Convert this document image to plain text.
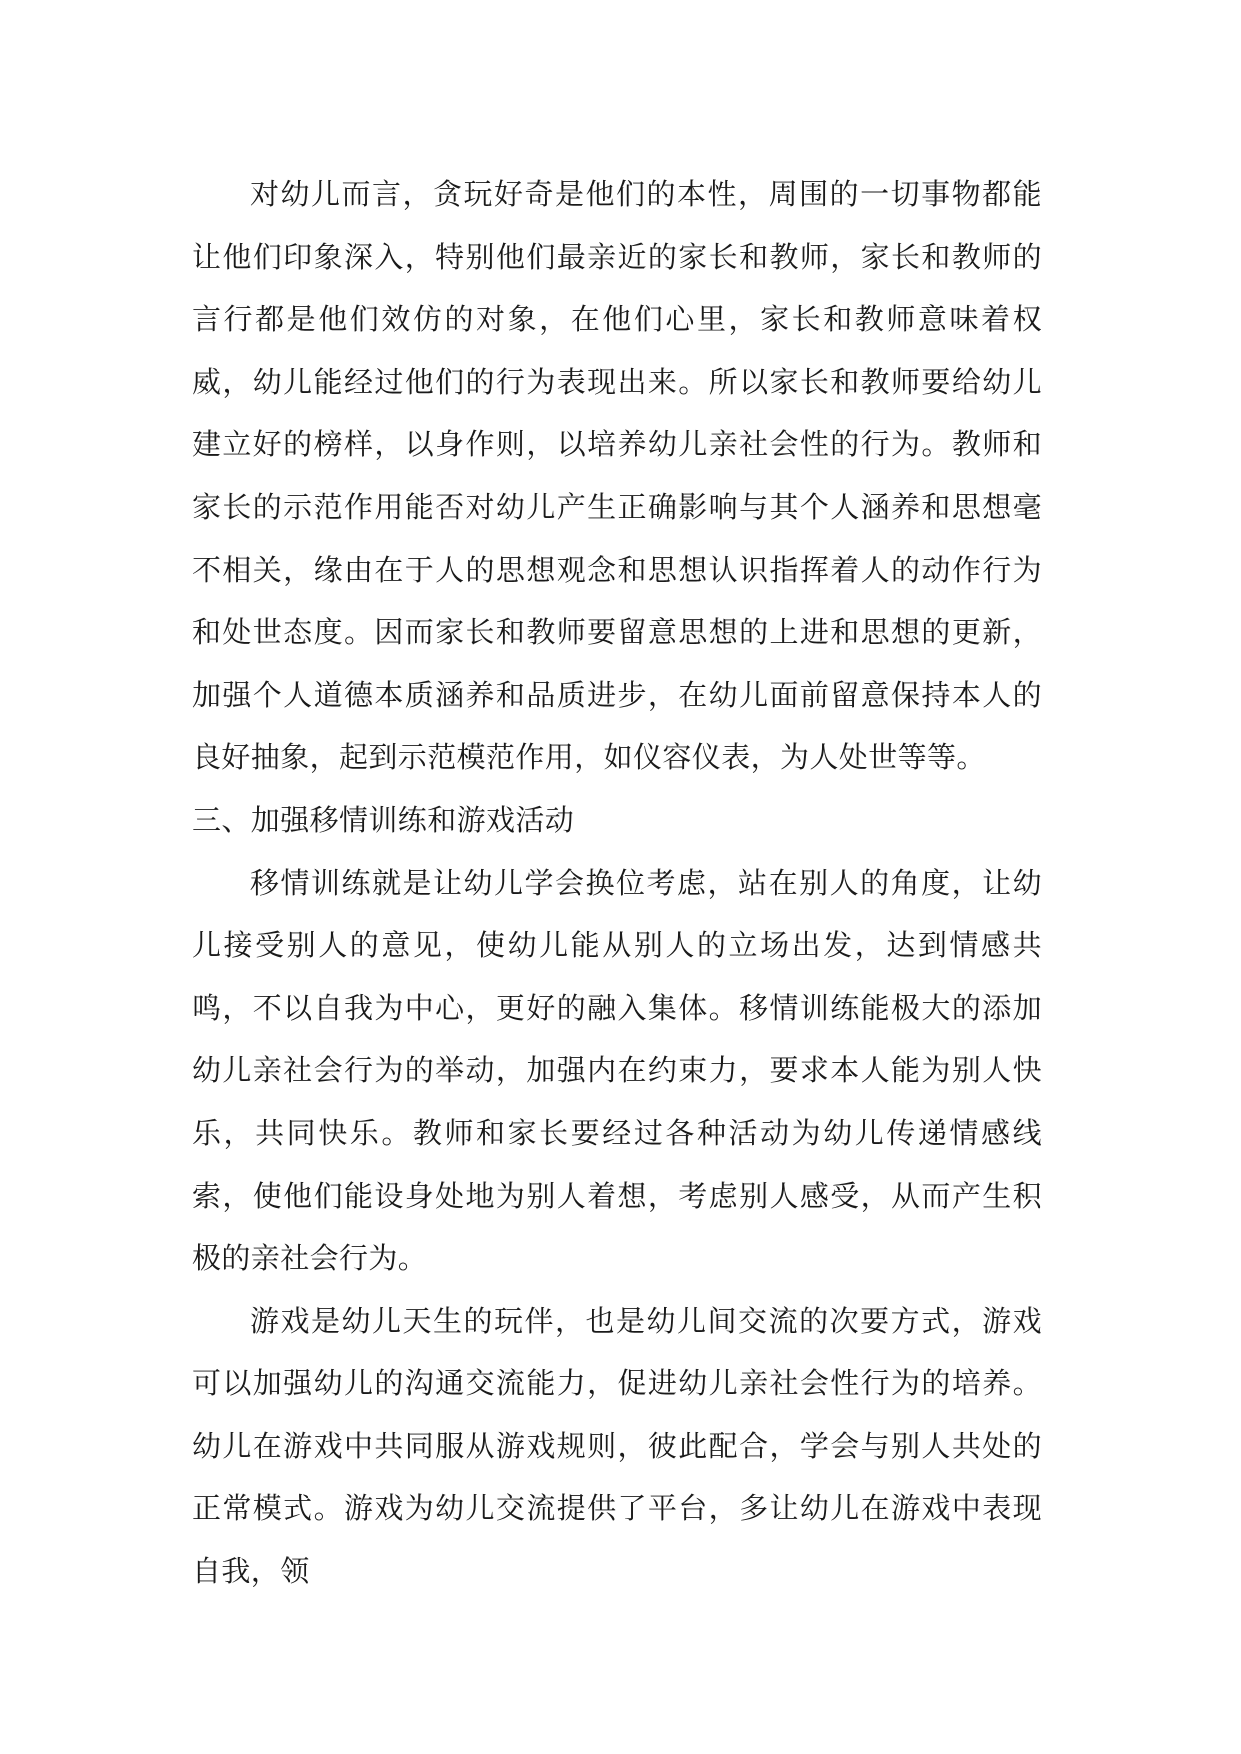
对幼儿而言，贪玩好奇是他们的本性，周围的一切事物都能让他们印象深入，特别他们最亲近的家长和教师，家长和教师的言行都是他们效仿的对象，在他们心里，家长和教师意味着权威，幼儿能经过他们的行为表现出来。所以家长和教师要给幼儿建立好的榜样，以身作则，以培养幼儿亲社会性的行为。教师和家长的示范作用能否对幼儿产生正确影响与其个人涵养和思想毫不相关，缘由在于人的思想观念和思想认识指挥着人的动作行为和处世态度。因而家长和教师要留意思想的上进和思想的更新，加强个人道德本质涵养和品质进步，在幼儿面前留意保持本人的良好抽象，起到示范模范作用，如仪容仪表，为人处世等等。

三、加强移情训练和游戏活动

移情训练就是让幼儿学会换位考虑，站在别人的角度，让幼儿接受别人的意见，使幼儿能从别人的立场出发，达到情感共鸣，不以自我为中心，更好的融入集体。移情训练能极大的添加幼儿亲社会行为的举动，加强内在约束力，要求本人能为别人快乐，共同快乐。教师和家长要经过各种活动为幼儿传递情感线索，使他们能设身处地为别人着想，考虑别人感受，从而产生积极的亲社会行为。

游戏是幼儿天生的玩伴，也是幼儿间交流的次要方式，游戏可以加强幼儿的沟通交流能力，促进幼儿亲社会性行为的培养。幼儿在游戏中共同服从游戏规则，彼此配合，学会与别人共处的正常模式。游戏为幼儿交流提供了平台，多让幼儿在游戏中表现自我，领
